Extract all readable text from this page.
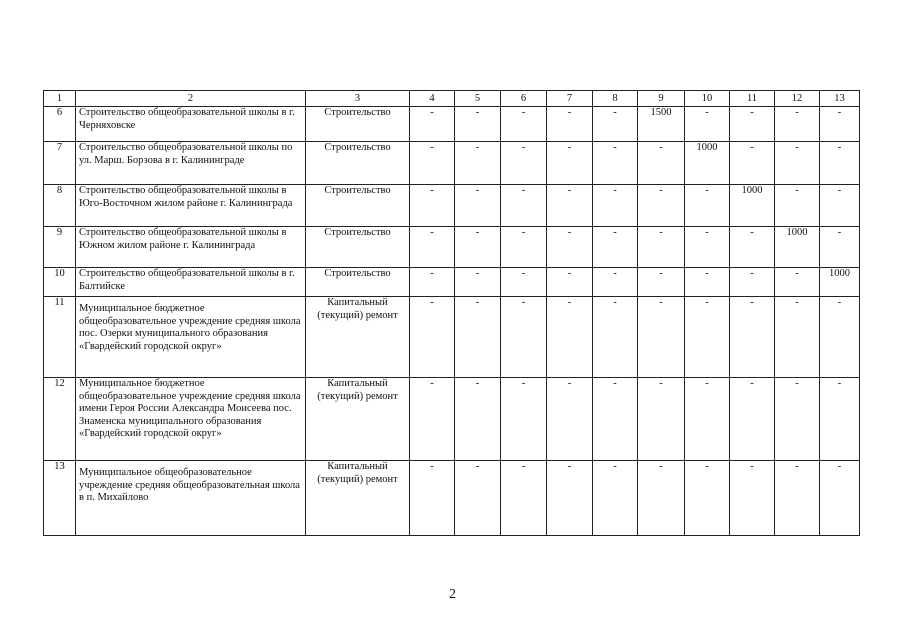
1	2	3	4	5	6	7	8	9	10	11	12	13
6	Строительство общеобразовательной школы в г. Черняховске	Строительство	-	-	-	-	-	1500	-	-	-	-
7	Строительство общеобразовательной школы по ул. Марш. Борзова в г. Калининграде	Строительство	-	-	-	-	-	-	1000	-	-	-
8	Строительство общеобразовательной школы в Юго-Восточном жилом районе г. Калининграда	Строительство	-	-	-	-	-	-	-	1000	-	-
9	Строительство общеобразовательной школы в Южном жилом районе г. Калининграда	Строительство	-	-	-	-	-	-	-	-	1000	-
10	Строительство общеобразовательной школы в г. Балтийске	Строительство	-	-	-	-	-	-	-	-	-	1000
11	Муниципальное бюджетное общеобразовательное учреждение средняя школа пос. Озерки муниципального образования «Гвардейский городской округ»	Капитальный (текущий) ремонт	-	-	-	-	-	-	-	-	-	-
12	Муниципальное бюджетное общеобразовательное учреждение средняя школа имени Героя России Александра Моисеева пос. Знаменска муниципального образования «Гвардейский городской округ»	Капитальный (текущий) ремонт	-	-	-	-	-	-	-	-	-	-
13	Муниципальное общеобразовательное учреждение средняя общеобразовательная школа в п. Михайлово	Капитальный (текущий) ремонт	-	-	-	-	-	-	-	-	-	-
2
